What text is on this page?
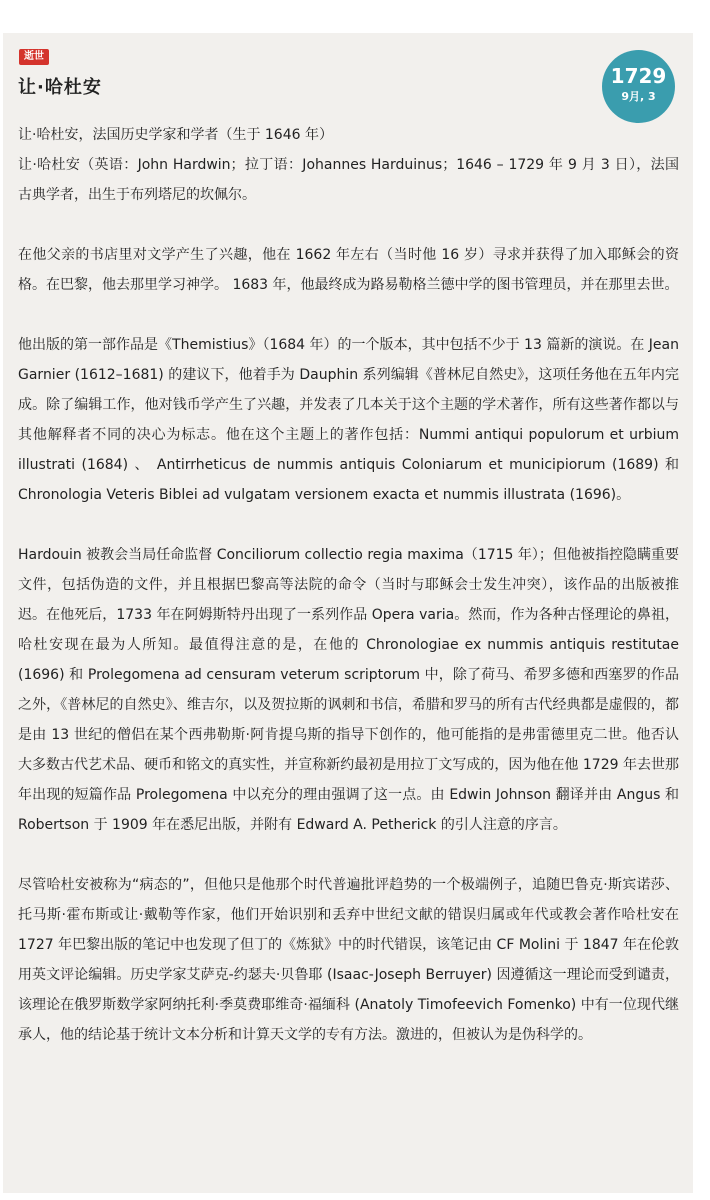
逝世
让·哈杜安	1729
9月, 3

让·哈杜安，法国历史学家和学者（生于 1646 年）

让·哈杜安（英语：John Hardwin；拉丁语：Johannes Harduinus；1646 – 1729 年 9 月 3 日），法国古典学者，出生于布列塔尼的坎佩尔。

在他父亲的书店里对文学产生了兴趣，他在 1662 年左右（当时他 16 岁）寻求并获得了加入耶稣会的资格。在巴黎，他去那里学习神学。 1683 年，他最终成为路易勒格兰德中学的图书管理员，并在那里去世。

他出版的第一部作品是《Themistius》（1684 年）的一个版本，其中包括不少于 13 篇新的演说。在 Jean Garnier (1612–1681) 的建议下，他着手为 Dauphin 系列编辑《普林尼自然史》，这项任务他在五年内完成。除了编辑工作，他对钱币学产生了兴趣，并发表了几本关于这个主题的学术著作，所有这些著作都以与其他解释者不同的决心为标志。他在这个主题上的著作包括：Nummi antiqui populorum et urbium illustrati (1684) 、 Antirrheticus de nummis antiquis Coloniarum et municipiorum (1689) 和 Chronologia Veteris Biblei ad vulgatam versionem exacta et nummis illustrata (1696)。

Hardouin 被教会当局任命监督 Conciliorum collectio regia maxima（1715 年）；但他被指控隐瞒重要文件，包括伪造的文件，并且根据巴黎高等法院的命令（当时与耶稣会士发生冲突），该作品的出版被推迟。在他死后，1733 年在阿姆斯特丹出现了一系列作品 Opera varia。然而，作为各种古怪理论的鼻祖，哈杜安现在最为人所知。最值得注意的是，在他的 Chronologiae ex nummis antiquis restitutae (1696) 和 Prolegomena ad censuram veterum scriptorum 中，除了荷马、希罗多德和西塞罗的作品之外，《普林尼的自然史》、维吉尔，以及贺拉斯的讽刺和书信，希腊和罗马的所有古代经典都是虚假的，都是由 13 世纪的僧侣在某个西弗勒斯·阿肯提乌斯的指导下创作的，他可能指的是弗雷德里克二世。他否认大多数古代艺术品、硬币和铭文的真实性，并宣称新约最初是用拉丁文写成的，因为他在他 1729 年去世那年出现的短篇作品 Prolegomena 中以充分的理由强调了这一点。由 Edwin Johnson 翻译并由 Angus 和 Robertson 于 1909 年在悉尼出版，并附有 Edward A. Petherick 的引人注意的序言。

尽管哈杜安被称为“病态的”，但他只是他那个时代普遍批评趋势的一个极端例子，追随巴鲁克·斯宾诺莎、托马斯·霍布斯或让·戴勒等作家，他们开始识别和丢弃中世纪文献的错误归属或年代或教会著作哈杜安在 1727 年巴黎出版的笔记中也发现了但丁的《炼狱》中的时代错误，该笔记由 CF Molini 于 1847 年在伦敦用英文评论编辑。历史学家艾萨克-约瑟夫·贝鲁耶 (Isaac-Joseph Berruyer) 因遵循这一理论而受到谴责，该理论在俄罗斯数学家阿纳托利·季莫费耶维奇·福缅科 (Anatoly Timofeevich Fomenko) 中有一位现代继承人，他的结论基于统计文本分析和计算天文学的专有方法。激进的，但被认为是伪科学的。
